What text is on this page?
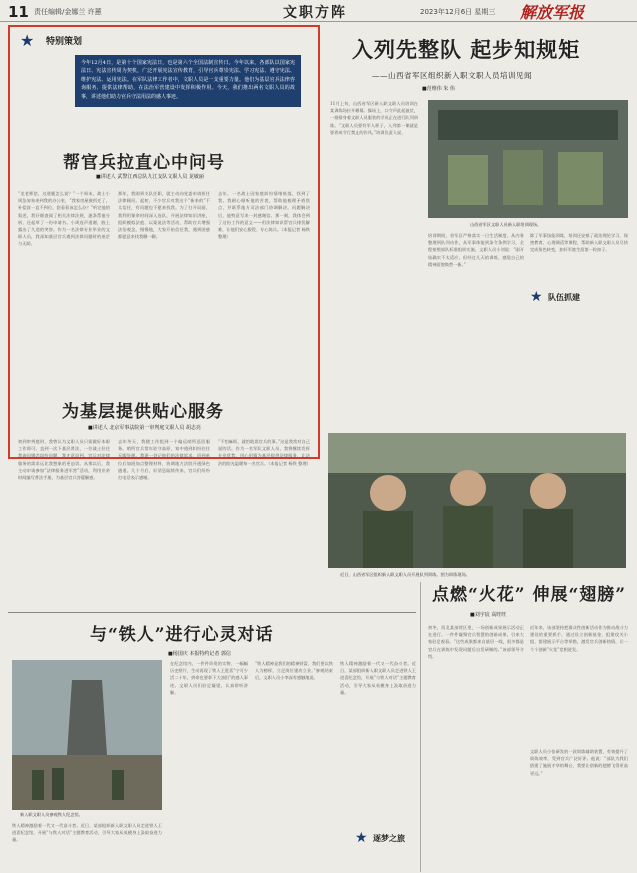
11 责任编辑/金娜兰 许蕙	文职方阵	2023年12月6日 星期三 解放军报
★ 特别策划
今年12月4日，是第十个国家宪法日，也是第六个全国法制宣传日。今年以来，各部队以国家宪法日、宪法宣传周为契机，广泛开展宪法宣传教育，引导官兵尊崇宪法、学习宪法、遵守宪法、维护宪法、运用宪法。在军队法律工作者中，文职人员是一支重要力量。他们为基层官兵法律咨询服务、提供法律帮助，在法治军营建设中发挥积极作用。今天，我们推出两名文职人员的故事，讲述他们助力官兵守法用法的感人事迹。
帮官兵拉直心中问号
■讲述人 武警江西总队九江支队文职人员 龙敏丽
“龙老师您，这道题怎么说？”一个周末，战士小周急匆匆来到我的办公室，“我家房屋被拆迁了，补偿款一直不到位，您看看该怎么办？”听完他的叙述，我仔细查阅了相关法律法规，逐条帮他分析，还起草了一份申请书。小周连声道谢，脸上露出了久违的笑容。作为一名法律专业毕业的文职人员，我深知基层官兵遇到法律问题时的迷茫与无助。
那年，我刚到支队任职，就主动向党委申请担任法律顾问。起初，不少官兵对我这个“新来的”不太信任，有问题也不愿来找我。为了打开局面，我利用课余时间深入连队，开展法律知识讲座，组织模拟法庭、以案说法等活动，帮助官兵增强法治观念。慢慢地，大家开始信任我，遇到困惑都愿意来找我聊一聊。
去年，一名战士因家庭纠纷情绪低落，找到了我。我耐心倾听他的苦衷，帮助他梳理矛盾焦点，并联系地方司法部门协调解决。问题解决后，他特意写来一封感谢信。那一刻，我体会到了这份工作的意义——用法律知识帮官兵排忧解难，让他们安心服役、专心练兵。（本报记者 杨铁 整理）
为基层提供贴心服务
■讲述人 北京军事法院第一审判庭文职人员 胡志亮
初到审判庭时，我曾认为文职人员只需做好本职工作即可。直到一次下基层普法，一位战士拉住我询问婚恋纠纷问题，我才意识到，官兵对法律服务的需求远比我想象的更迫切。从那以后，我主动申请参加“法律服务进军营”活动，利用业余时间编写普法手册，为基层官兵答疑解惑。
去年冬天，我随工作组到一个偏远哨所巡回服务。哨所官兵常年驻守高原，家中遇到纠纷往往无暇处理。我逐一登记他们的法律诉求，回到单位后加班加点整理材料，协调地方法院开通绿色通道。几个月后，好消息陆续传来，官兵们纷纷打电话表示感谢。
“不怕麻烦，就怕耽误官兵的事。”这是我常对自己说的话。作为一名军队文职人员，我将继续发挥专业优势，用心用情为基层提供法律服务，让法治的阳光温暖每一名官兵。（本报记者 杨铁 整理）
入列先整队 起步知规矩
——山西省军区组织新入职文职人员培训见闻
■范维伟 朱 伟
11月上旬，山西省军区新入职文职人员培训在某训练场拉开帷幕。操场上，口令声此起彼伏，一排排身着文职人员服装的学员正在进行队列训练。“文职人员要有军人样子，入列第一课就是要养成令行禁止的作风。”培训负责人说。
山西省军区文职人员新入职培训现场。
培训期间，省军区严格落实一日生活制度，从内务整理到队列动作，从军事体能到条令条例学习，全程按照部队标准组织实施。文职人员小刘说：“刚开始确实不太适应，但经过几天的训练，感觉自己的精神面貌焕然一新。”
除了军事技能训练，培训还安排了政治理论学习、保密教育、心理调适等课程，帮助新入职文职人员尽快完成角色转变，扣好军旅生涯第一粒扣子。
★ 队伍抓建
近日，山西省军区组织新入职文职人员开展队列训练。图为训练现场。
与“铁人”进行心灵对话
■杨国庆 本报特约记者 郭信
新入职文职人员参观铁人纪念馆。
铁人精神激励着一代又一代奋斗者。近日，某部组织新入职文职人员走进铁人王进喜纪念馆，开展“与铁人对话”主题教育活动，引导大家从英模身上汲取奋进力量。
在纪念馆内，一件件珍贵的实物、一幅幅历史照片，生动再现了铁人王进喜“宁可少活二十年，拼命也要拿下大油田”的感人事迹。文职人员们驻足凝望，认真聆听讲解。
“铁人精神是我们的精神财富，我们要以铁人为榜样，立足岗位建功立业。”参观结束后，文职人员小李深有感触地说。
铁人精神激励着一代又一代奋斗者。近日，某部组织新入职文职人员走进铁人王进喜纪念馆，开展“与铁人对话”主题教育活动，引导大家从英模身上汲取奋进力量。
★ 逐梦之旅
点燃“火花” 伸展“翅膀”
■刘宇宸 高旺旺
初冬，西北某部营区里，一场创新成果展示活动正在进行。一件件凝聚官兵智慧的创新成果，引来大家驻足观看。“这些成果都来自基层一线，很多都是官兵在训练中发现问题后自发研制的。”该部领导介绍。
近年来，该部坚持把群众性创新活动作为推动战斗力建设的重要抓手，通过设立创新基金、组建攻关小组、搭建展示平台等举措，激发官兵创新热情，让一个个创新“火花”竞相迸发。
文职人员小张研发的一款训练辅助装置，有效提升了训练效率，受到官兵广泛好评。他说：“部队为我们搭建了施展才华的舞台，我要让创新的翅膀飞得更高更远。”
